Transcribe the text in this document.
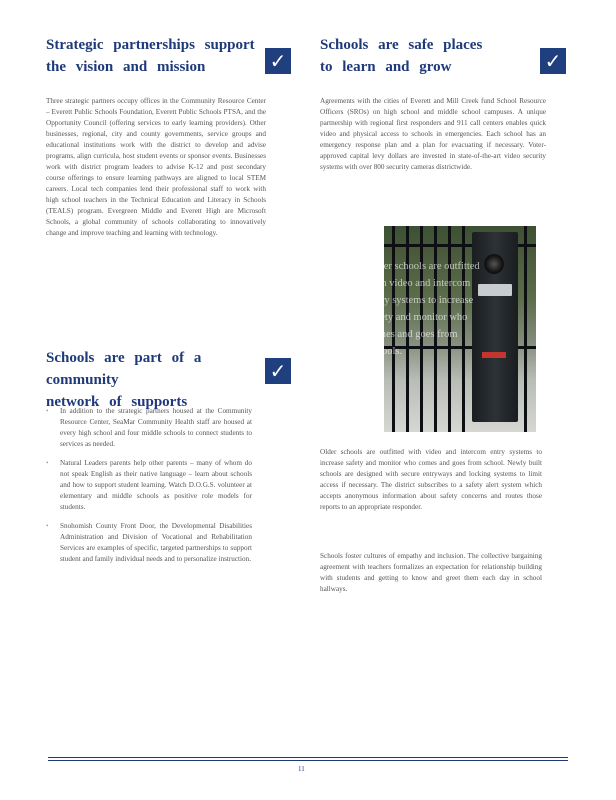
Strategic partnerships support
the vision and mission	✓

Three strategic partners occupy offices in the Community Resource Center – Everett Public Schools Foundation, Everett Public Schools PTSA, and the Opportunity Council (offering services to early learning providers). Other businesses, regional, city and county governments, service groups and educational institutions work with the district to develop and advise programs, align curricula, host student events or sponsor events. Businesses work with district program leaders to advise K-12 and post secondary course offerings to ensure learning pathways are aligned to local STEM careers. Local tech companies lend their professional staff to work with high school teachers in the Technical Education and Literacy in Schools (TEALS) program. Evergreen Middle and Everett High are Microsoft Schools, a global community of schools collaborating to innovatively change and improve teaching and learning with technology.

Schools are part of a community
network of supports
✓
• In addition to the strategic partners housed at the Community Resource Center, SeaMar Community Health staff are housed at every high school and four middle schools to connect students to services as needed.
• Natural Leaders parents help other parents – many of whom do not speak English as their native language – learn about schools and how to support student learning. Watch D.O.G.S. volunteer at elementary and middle schools as positive role models for students.
• Snohomish County Front Door, the Developmental Disabilities Administration and Division of Vocational and Rehabilitation Services are examples of specific, targeted partnerships to support student and family individual needs and to personalize instruction.
Schools are safe places
to learn and grow	✓

Agreements with the cities of Everett and Mill Creek fund School Resource Officers (SROs) on high school and middle school campuses. A unique partnership with regional first responders and 911 call centers enables quick video and physical access to schools in emergencies. Each school has an emergency response plan and a plan for evacuating if necessary. Voter-approved capital levy dollars are invested in state-of-the-art video security systems with over 800 security cameras districtwide.

Older schools are outfitted with video and intercom entry systems to increase safety and monitor who comes and goes from schools.

Older schools are outfitted with video and intercom entry systems to increase safety and monitor who comes and goes from school. Newly built schools are designed with secure entryways and locking systems to limit access if necessary. The district subscribes to a safety alert system which accepts anonymous information about safety concerns and routes those reports to an appropriate responder.

Schools foster cultures of empathy and inclusion. The collective bargaining agreement with teachers formalizes an expectation for relationship building with students and getting to know and greet them each day in school hallways.

11
